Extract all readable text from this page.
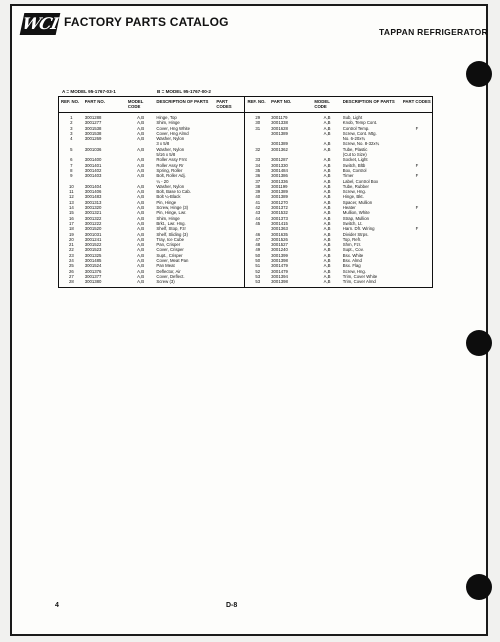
WCI FACTORY PARTS CATALOG
TAPPAN REFRIGERATOR
A = MODEL 95-1767-03-1	B = MODEL 95-1767-00-2
REF. NO.	PART NO.	MODEL CODE	DESCRIPTION OF PARTS	PART CODES	REF. NO.	PART NO.	MODEL CODE	DESCRIPTION OF PARTS	PART CODES

1	3001288	A,B	Hinge, Top		29	3001179	A,B	Sub, Light	
2	3001277	A,B	Shim, Hinge		30	3001338	A,B	Knob, Temp Cont.	
3	3001538	A,B	Cover, Hng White		31	3001628	A,B	Control Temp.	F
3	3001538	A,B	Cover, Hng Almd			3001389	A,B	Screw, Cont. Mtg.	
4	3001269	A,B	Washer, Nylon					No. 6-20x¾	
			3 x 5/8			3001389	A,B	Screw, No. 8-32x¾	
5	3001036	A,B	Washer, Nylon		32	3001362	A,B	Tube, Plastic	
			5/16 x 5/8					(Cut to Size)	
6	3001400	A,B	Roller Assy Frnt		33	3001287	A,B	Socket, Light	
7	3001401	A,B	Roller Assy Rr		34	3001330	A,B	Switch, Bltb	F
8	3001402	A,B	Spring, Roller		35	3001484	A,B	Box, Control	
9	3001403	A,B	Bolt, Roller Adj.		36	3001386	A,B	Timer	F
			¼ - 20		37	3001336	A,B	Label, Control Box	
10	3001404	A,B	Washer, Nylon		38	3001199	A,B	Tube, Rubber	
11	3001406	A,B	Bolt, Base to Cab.		39	3001389	A,B	Screw, Hng.	
12	3001483	A,B	Bolt ¼-Black		40	3001389	A,B	Hinge, Bkt.	
13	3001313	A,B	Pin, Hinge		41	3001270	A,B	Spacer, Mullion	
14	3001320	A,B	Screw, Hinge (3)		42	3001372	A,B	Heater	F
15	3001321	A,B	Pin, Hinge, Lwr.		43	3001532	A,B	Mullion, White	
16	3001322	A,B	Shim, Hinge		44	3001373	A,B	Strap, Mullion	
17	3001222	A,B	Brkt., Lwr. Hng.		45	3001415	A,B	Switch, Lt.	
18	3001520	A,B	Shelf, Stop, Fzr			3001363	A,B	Harn. Dfr. Wiring	F
19	3001031	A,B	Shelf, Sliding (3)		46	3001635	A,B	Divider Strps.	
20	3001241	A,B	Tray, Ice Cube		47	3001526	A,B	Top, Refr.	
21	3001522	A,B	Pan, Crisper		48	3001527	A,B	Shm, Fzr.	
22	3001523	A,B	Cover, Crisper		49	3001240	A,B	Supt., Cov.	
23	3001325	A,B	Supt., Crisper		50	3001399	A,B	Bsx. White	
24	3001485	A,B	Cover, Meat Pan		50	3001398	A,B	Bsx. Almd	
25	3001524	A,B	Pan Meat		51	3001479	A,B	Bsx. Flag	
26	3001376	A,B	Deflector, Air		52	3001479	A,B	Screw, Hng.	
27	3001377	A,B	Cover, Deflect.		53	3001394	A,B	Trim, Cover White	
28	3001380	A,B	Screw (3)		53	3001398	A,B	Trim, Cover Almd	

4	D-8
